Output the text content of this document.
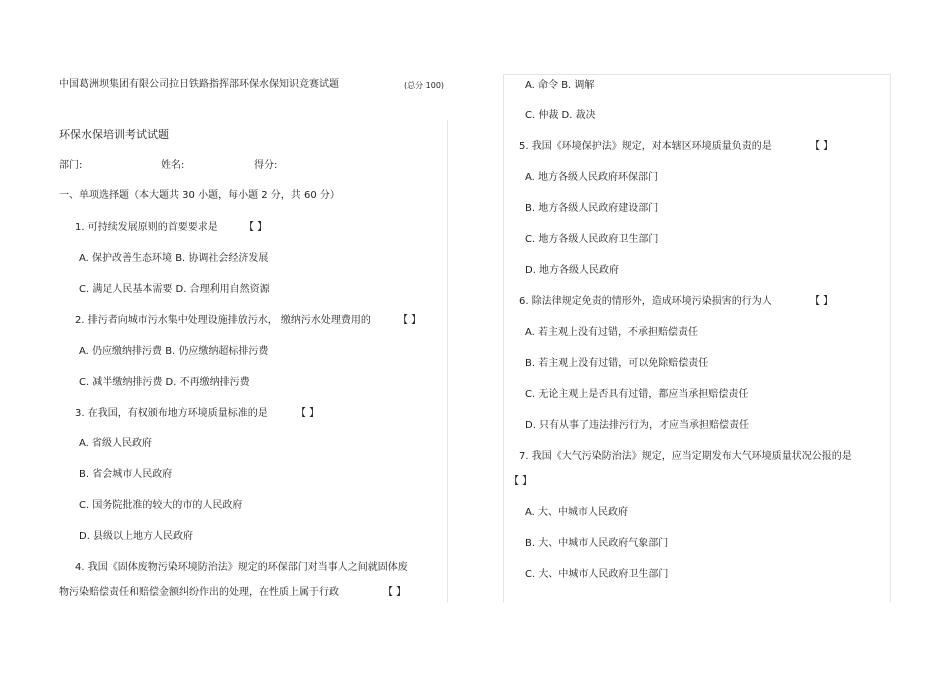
中国葛洲坝集团有限公司拉日铁路指挥部环保水保知识竞赛试题	(总分 100)
环保水保培训考试试题
部门:	姓名:	得分:
一、单项选择题（本大题共 30 小题，每小题 2 分，共 60 分）
1. 可持续发展原则的首要要求是	【 】
A. 保护改善生态环境 B. 协调社会经济发展
C. 满足人民基本需要 D. 合理利用自然资源
2. 排污者向城市污水集中处理设施排放污水， 缴纳污水处理费用的	【 】
A. 仍应缴纳排污费 B. 仍应缴纳超标排污费
C. 减半缴纳排污费 D. 不再缴纳排污费
3. 在我国，有权颁布地方环境质量标准的是	【 】
A. 省级人民政府
B. 省会城市人民政府
C. 国务院批准的较大的市的人民政府
D. 县级以上地方人民政府
4. 我国《固体废物污染环境防治法》规定的环保部门对当事人之间就固体废
物污染赔偿责任和赔偿金额纠纷作出的处理，在性质上属于行政	【 】
A. 命令 B. 调解
C. 仲裁 D. 裁决
5. 我国《环境保护法》规定，对本辖区环境质量负责的是	【 】
A. 地方各级人民政府环保部门
B. 地方各级人民政府建设部门
C. 地方各级人民政府卫生部门
D. 地方各级人民政府
6. 除法律规定免责的情形外，造成环境污染损害的行为人	【 】
A. 若主观上没有过错，不承担赔偿责任
B. 若主观上没有过错，可以免除赔偿责任
C. 无论主观上是否具有过错，都应当承担赔偿责任
D. 只有从事了违法排污行为，才应当承担赔偿责任
7. 我国《大气污染防治法》规定，应当定期发布大气环境质量状况公报的是
【 】
A. 大、中城市人民政府
B. 大、中城市人民政府气象部门
C. 大、中城市人民政府卫生部门
